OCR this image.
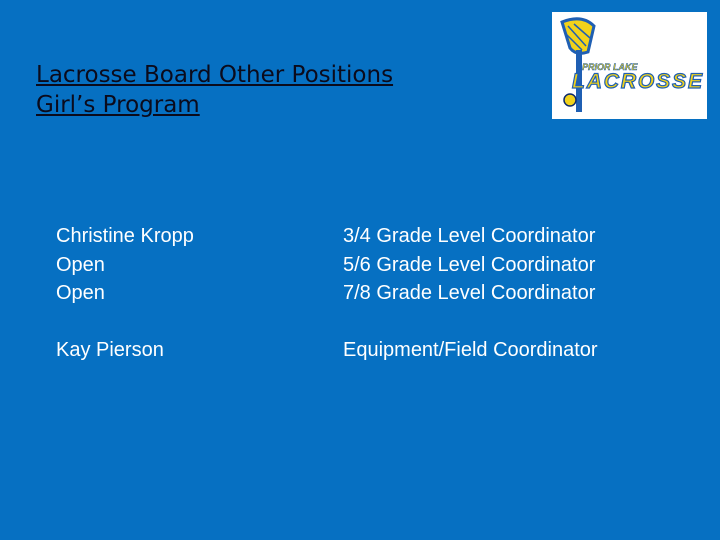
Lacrosse Board Other Positions
Girl’s Program
PRIOR LAKE
LACROSSE
Christine Kropp	3/4 Grade Level Coordinator
Open	5/6 Grade Level Coordinator
Open	7/8 Grade Level Coordinator
Kay Pierson	Equipment/Field Coordinator
